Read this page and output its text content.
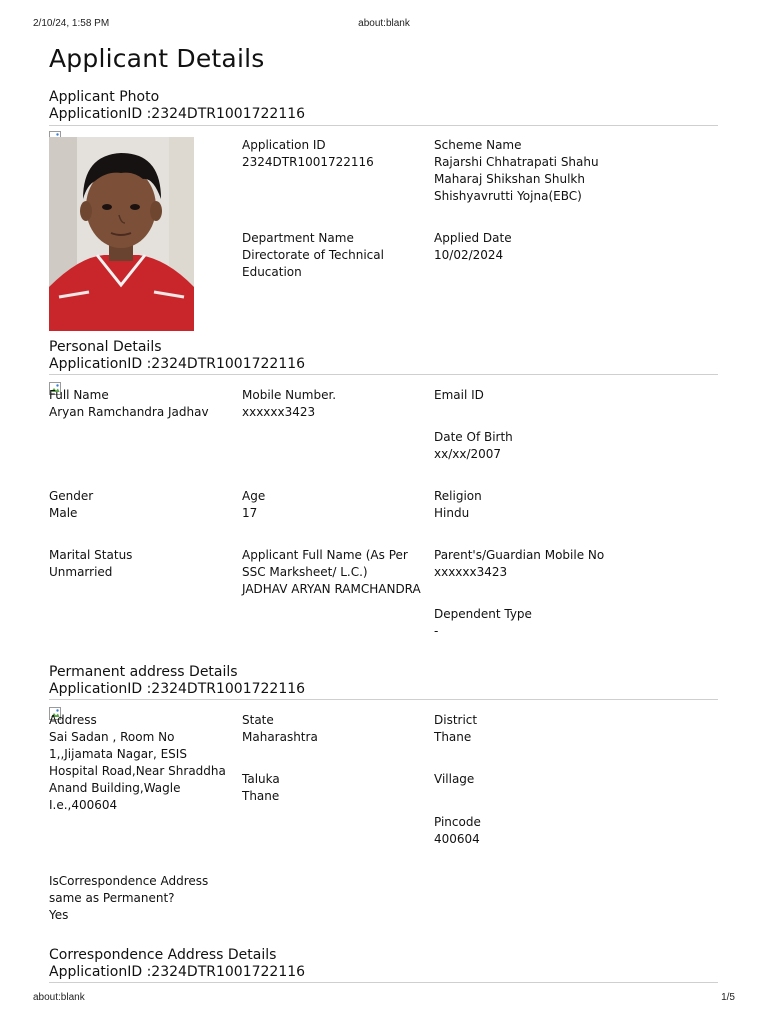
2/10/24, 1:58 PM	about:blank
Applicant Details
Applicant Photo
ApplicationID :2324DTR1001722116
Application ID
2324DTR1001722116
Scheme Name
Rajarshi Chhatrapati Shahu Maharaj Shikshan Shulkh Shishyavrutti Yojna(EBC)
Department Name
Directorate of Technical Education
Applied Date
10/02/2024
Personal Details
ApplicationID :2324DTR1001722116
Full Name
Aryan Ramchandra Jadhav
Mobile Number.
xxxxxx3423
Email ID
Date Of Birth
xx/xx/2007
Gender
Male
Age
17
Religion
Hindu
Marital Status
Unmarried
Applicant Full Name (As Per SSC Marksheet/ L.C.)
JADHAV ARYAN RAMCHANDRA
Parent's/Guardian Mobile No
xxxxxx3423
Dependent Type
-
Permanent address Details
ApplicationID :2324DTR1001722116
Address
Sai Sadan , Room No 1,,Jijamata Nagar, ESIS Hospital Road,Near Shraddha Anand Building,Wagle I.e.,400604
State
Maharashtra
District
Thane
Taluka
Thane
Village
Pincode
400604
IsCorrespondence Address same as Permanent?
Yes
Correspondence Address Details
ApplicationID :2324DTR1001722116
about:blank	1/5
